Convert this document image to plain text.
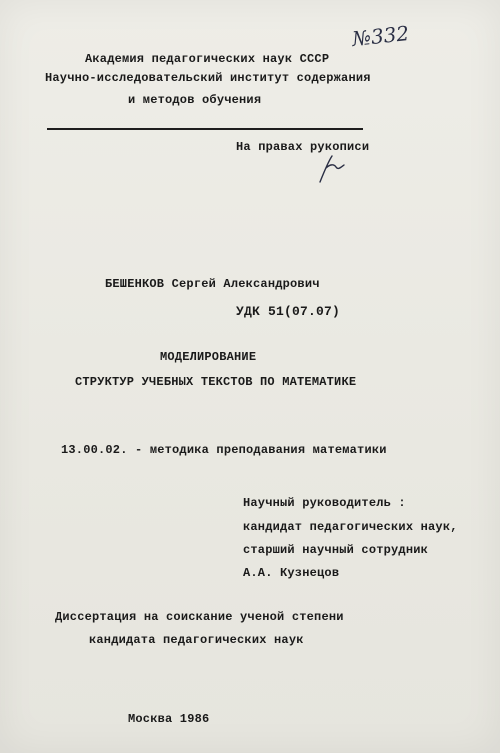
Академия педагогических наук СССР
Научно-исследовательский институт содержания
и методов обучения
№332
На правах рукописи
БЕШЕНКОВ Сергей Александрович
УДК 51(07.07)
МОДЕЛИРОВАНИЕ
СТРУКТУР УЧЕБНЫХ ТЕКСТОВ ПО МАТЕМАТИКЕ
13.00.02. - методика преподавания математики
Научный руководитель :
кандидат педагогических наук,
старший научный сотрудник
А.А. Кузнецов
Диссертация на соискание ученой степени
кандидата педагогических наук
Москва 1986
